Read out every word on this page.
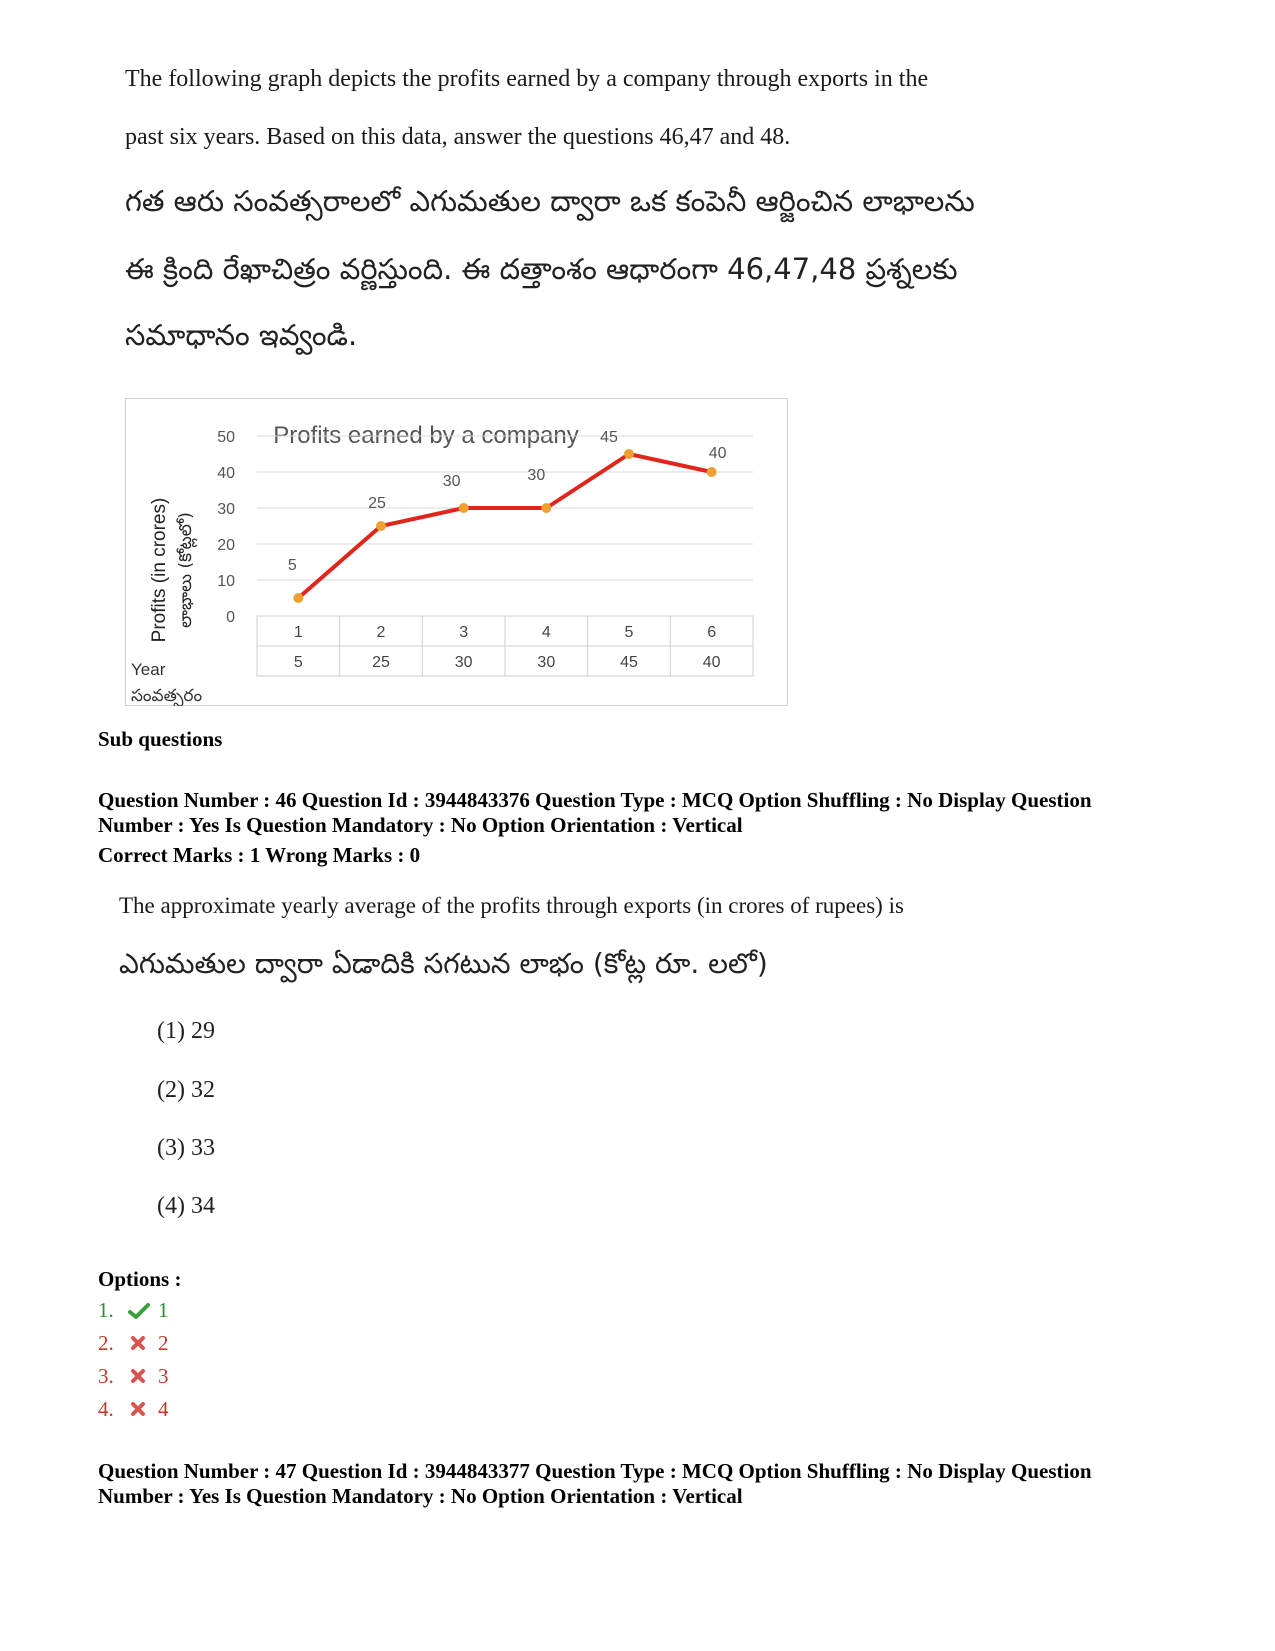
The following graph depicts the profits earned by a company through exports in the
past six years. Based on this data, answer the questions 46,47 and 48.
గత ఆరు సంవత్సరాలలో ఎగుమతుల ద్వారా ఒక కంపెనీ ఆర్జించిన లాభాలను
ఈ క్రింది రేఖాచిత్రం వర్ణిస్తుంది. ఈ దత్తాంశం ఆధారంగా 46,47,48 ప్రశ్నలకు
సమాధానం ఇవ్వండి.
Profits earned by a company
Profits (in crores) లాభాలు (కోట్లలో)
Year
సంవత్సరం
0
10
20
30
40
50
1	2	3	4	5	6
5	25	30	30	45	40
5
25
30	30
45
40
Sub questions
Question Number : 46 Question Id : 3944843376 Question Type : MCQ Option Shuffling : No Display Question
Number : Yes Is Question Mandatory : No Option Orientation : Vertical
Correct Marks : 1 Wrong Marks : 0
The approximate yearly average of the profits through exports (in crores of rupees) is
ఎగుమతుల ద్వారా ఏడాదికి సగటున లాభం (కోట్ల రూ. లలో)
(1) 29
(2) 32
(3) 33
(4) 34
Options :
1. 1
2. 2
3. 3
4. 4
Question Number : 47 Question Id : 3944843377 Question Type : MCQ Option Shuffling : No Display Question
Number : Yes Is Question Mandatory : No Option Orientation : Vertical
